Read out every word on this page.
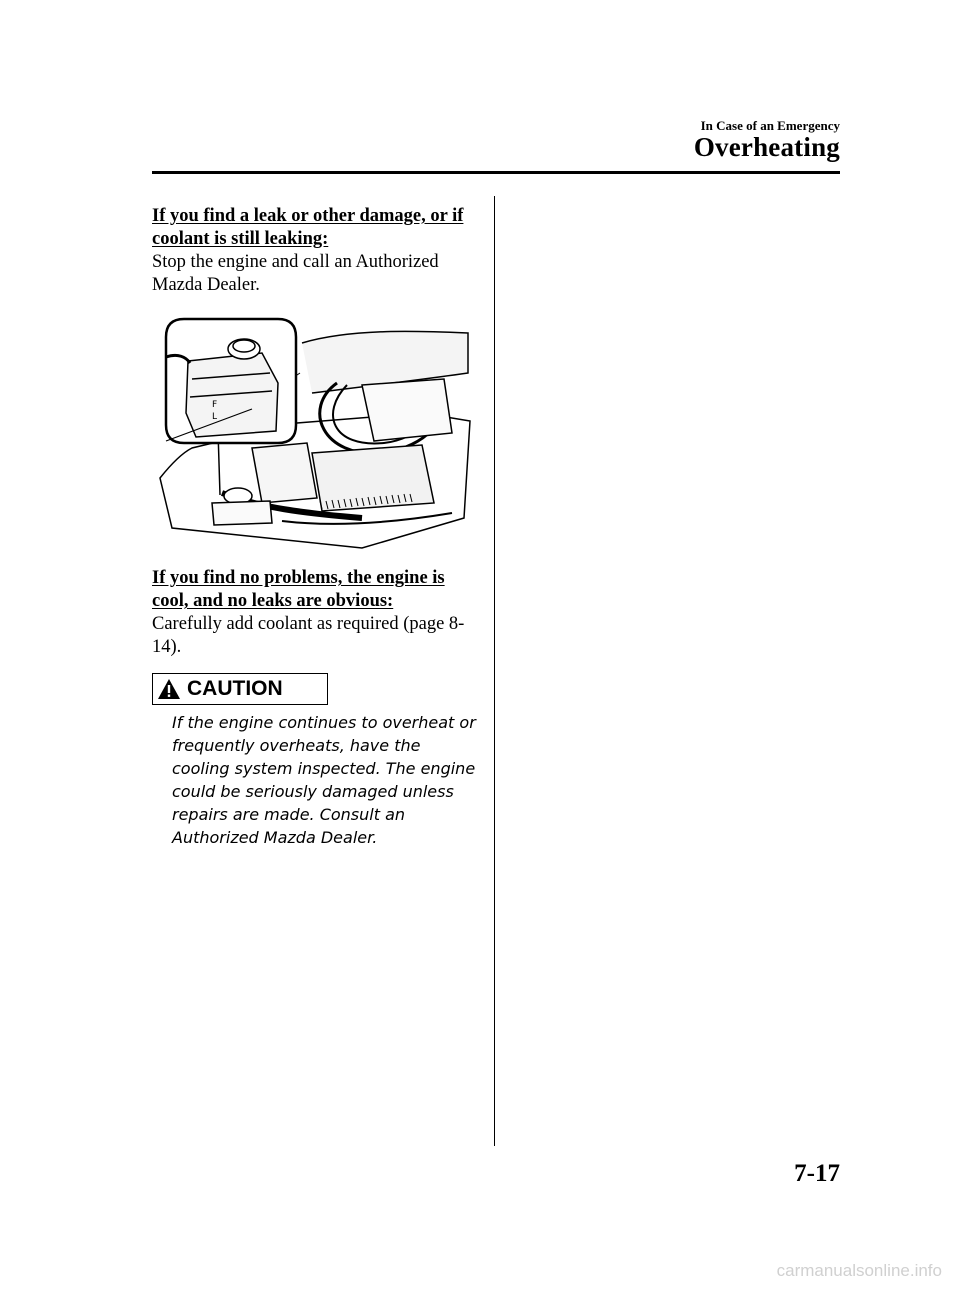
In Case of an Emergency
Overheating
If you find a leak or other damage, or if coolant is still leaking:
Stop the engine and call an Authorized Mazda Dealer.
F
L
If you find no problems, the engine is cool, and no leaks are obvious:
Carefully add coolant as required (page 8-14).
CAUTION
If the engine continues to overheat or frequently overheats, have the cooling system inspected. The engine could be seriously damaged unless repairs are made. Consult an Authorized Mazda Dealer.
7-17
carmanualsonline.info
